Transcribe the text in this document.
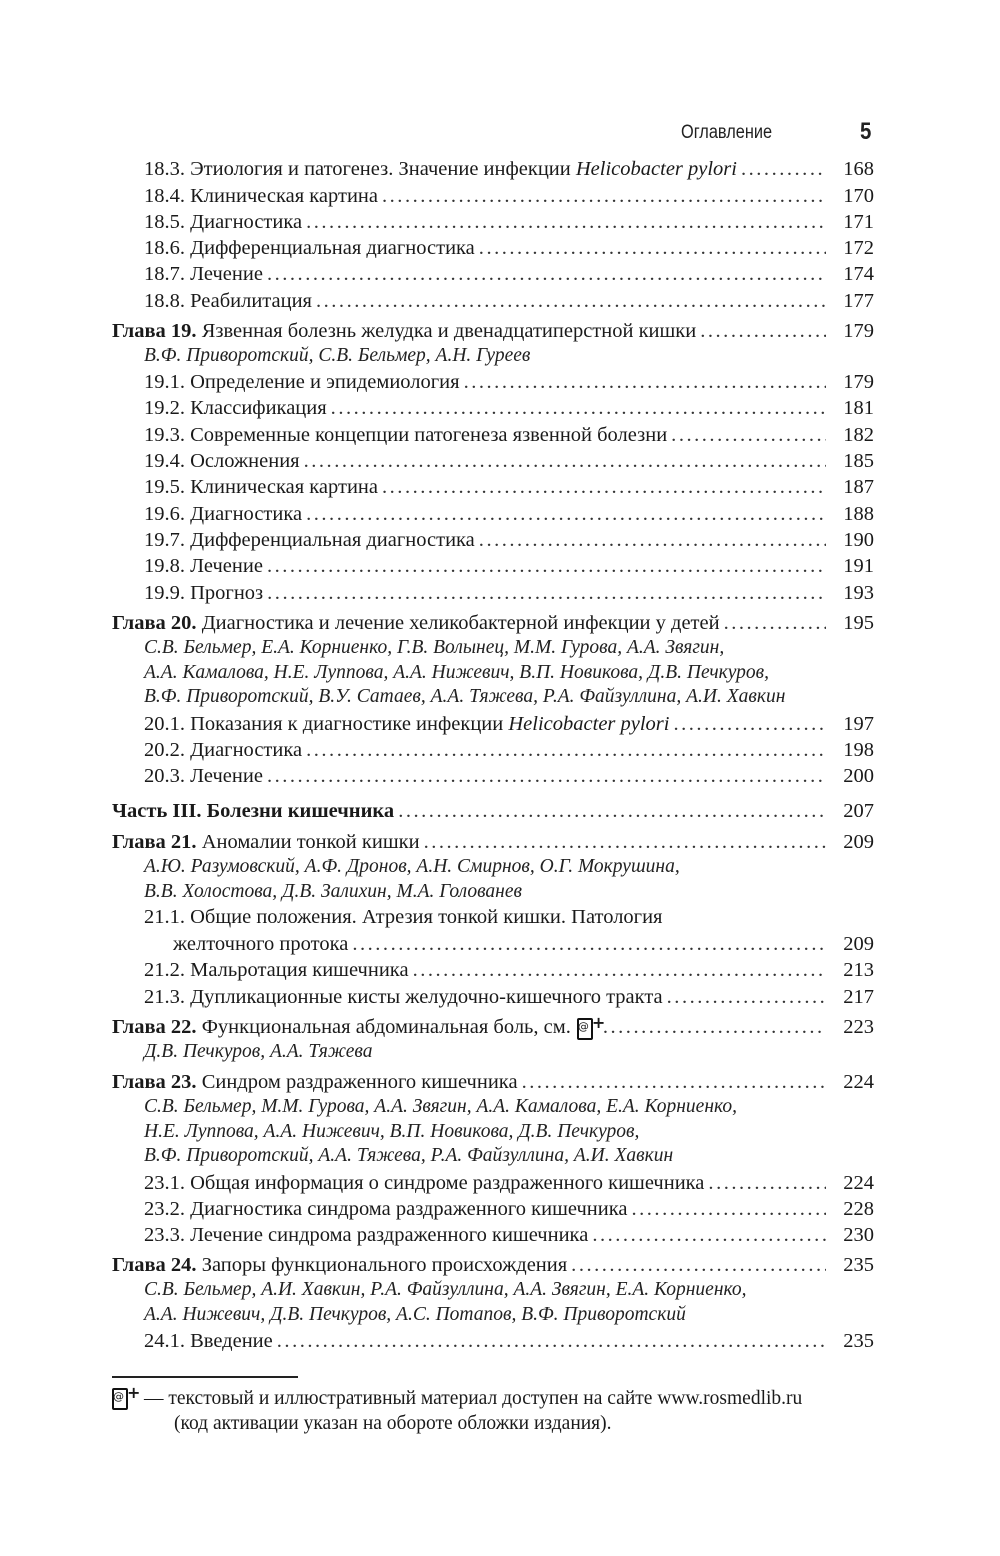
Оглавление	5
18.3. Этиология и патогенез. Значение инфекции Helicobacter pylori . . .	168
18.4. Клиническая картина . . .	170
18.5. Диагностика . . .	171
18.6. Дифференциальная диагностика . . .	172
18.7. Лечение . . .	174
18.8. Реабилитация . . .	177
Глава 19. Язвенная болезнь желудка и двенадцатиперстной кишки . . .	179
В.Ф. Приворотский, С.В. Бельмер, А.Н. Гуреев
19.1. Определение и эпидемиология . . .	179
19.2. Классификация . . .	181
19.3. Современные концепции патогенеза язвенной болезни . . .	182
19.4. Осложнения . . .	185
19.5. Клиническая картина . . .	187
19.6. Диагностика . . .	188
19.7. Дифференциальная диагностика . . .	190
19.8. Лечение . . .	191
19.9. Прогноз . . .	193
Глава 20. Диагностика и лечение хеликобактерной инфекции у детей . . .	195
С.В. Бельмер, Е.А. Корниенко, Г.В. Волынец, М.М. Гурова, А.А. Звягин,
А.А. Камалова, Н.Е. Луппова, А.А. Нижевич, В.П. Новикова, Д.В. Печкуров,
В.Ф. Приворотский, В.У. Сатаев, А.А. Тяжева, Р.А. Файзуллина, А.И. Хавкин
20.1. Показания к диагностике инфекции Helicobacter pylori . . .	197
20.2. Диагностика . . .	198
20.3. Лечение . . .	200
Часть III. Болезни кишечника . . .	207
Глава 21. Аномалии тонкой кишки . . .	209
А.Ю. Разумовский, А.Ф. Дронов, А.Н. Смирнов, О.Г. Мокрушина,
В.В. Холостова, Д.В. Залихин, М.А. Голованев
21.1. Общие положения. Атрезия тонкой кишки. Патология
желточного протока . . .	209
21.2. Мальротация кишечника . . .	213
21.3. Дупликационные кисты желудочно-кишечного тракта . . .	217
Глава 22. Функциональная абдоминальная боль, см. @ + . . .	223
Д.В. Печкуров, А.А. Тяжева
Глава 23. Синдром раздраженного кишечника . . .	224
С.В. Бельмер, М.М. Гурова, А.А. Звягин, А.А. Камалова, Е.А. Корниенко,
Н.Е. Луппова, А.А. Нижевич, В.П. Новикова, Д.В. Печкуров,
В.Ф. Приворотский, А.А. Тяжева, Р.А. Файзуллина, А.И. Хавкин
23.1. Общая информация о синдроме раздраженного кишечника . . .	224
23.2. Диагностика синдрома раздраженного кишечника . . .	228
23.3. Лечение синдрома раздраженного кишечника . . .	230
Глава 24. Запоры функционального происхождения . . .	235
С.В. Бельмер, А.И. Хавкин, Р.А. Файзуллина, А.А. Звягин, Е.А. Корниенко,
А.А. Нижевич, Д.В. Печкуров, А.С. Потапов, В.Ф. Приворотский
24.1. Введение . . .	235
@ + — текстовый и иллюстративный материал доступен на сайте www.rosmedlib.ru
(код активации указан на обороте обложки издания).
